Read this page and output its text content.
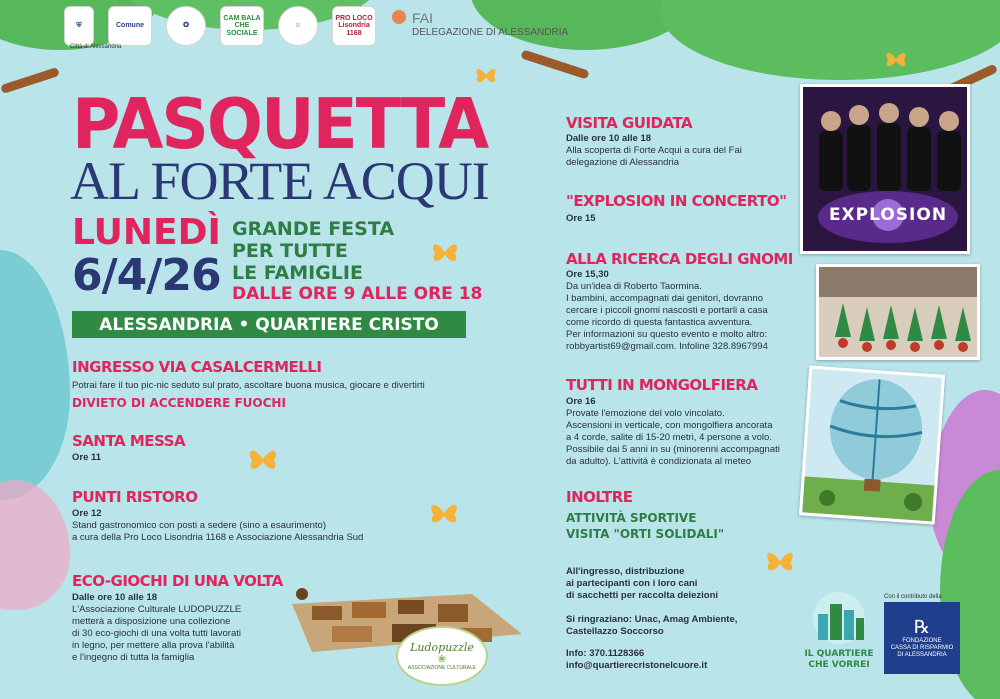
⛨	Comune	✪
CAM BALA CHE SOCIALE
☺
PRO LOCO Lisondria 1168
Città di Alessandria
FAI
DELEGAZIONE DI ALESSANDRIA
PASQUETTA
AL FORTE ACQUI
LUNEDÌ
6/4/26
GRANDE FESTA
PER TUTTE
LE FAMIGLIE
DALLE ORE 9 ALLE ORE 18
ALESSANDRIA • QUARTIERE CRISTO
INGRESSO VIA CASALCERMELLI
Potrai fare il tuo pic-nic seduto sul prato, ascoltare buona musica, giocare e divertirti
DIVIETO DI ACCENDERE FUOCHI
SANTA MESSA
Ore 11
PUNTI RISTORO
Ore 12
Stand gastronomico con posti a sedere (sino a esaurimento)
a cura della Pro Loco Lisondria 1168 e Associazione Alessandria Sud
ECO-GIOCHI DI UNA VOLTA
Dalle ore 10 alle 18
L'Associazione Culturale LUDOPUZZLE
metterà a disposizione una collezione
di 30 eco-giochi di una volta tutti lavorati
in legno, per mettere alla prova l'abilità
e l'ingegno di tutta la famiglia
Ludopuzzle
❀
ASSOCIAZIONE CULTURALE
VISITA GUIDATA
Dalle ore 10 alle 18
Alla scoperta di Forte Acqui a cura del Fai
delegazione di Alessandria
"EXPLOSION IN CONCERTO"
Ore 15
ALLA RICERCA DEGLI GNOMI
Ore 15,30
Da un'idea di Roberto Taormina.
I bambini, accompagnati dai genitori, dovranno
cercare i piccoli gnomi nascosti e portarli a casa
come ricordo di questa fantastica avventura.
Per informazioni su questo evento e molto altro:
robbyartist69@gmail.com. Infoline 328.8967994
TUTTI IN MONGOLFIERA
Ore 16
Provate l'emozione del volo vincolato.
Ascensioni in verticale, con mongolfiera ancorata
a 4 corde, salite di 15-20 metri, 4 persone a volo.
Possibile dai 5 anni in su (minorenni accompagnati
da adulto). L'attività è condizionata al meteo
INOLTRE
ATTIVITÀ SPORTIVE
VISITA "ORTI SOLIDALI"
All'ingresso, distribuzione
ai partecipanti con i loro cani
di sacchetti per raccolta deiezioni
Si ringraziano: Unac, Amag Ambiente,
Castellazzo Soccorso
Info: 370.1128366
info@quartierecristonelcuore.it
EXPLOSION
IL QUARTIERE
CHE VORREI
Con il contributo della
℞
FONDAZIONE
CASSA DI RISPARMIO
DI ALESSANDRIA
